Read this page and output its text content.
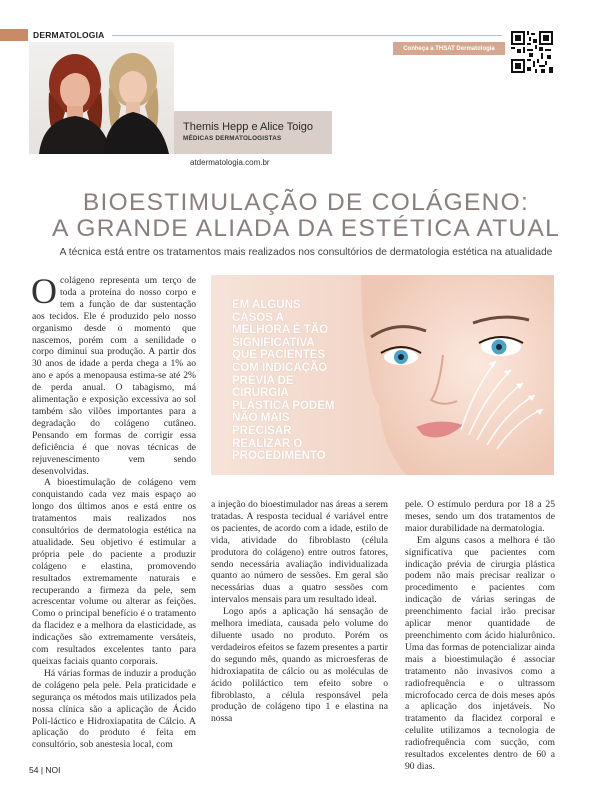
DERMATOLOGIA
Themis Hepp e Alice Toigo
MÉDICAS DERMATOLOGISTAS
atdermatologia.com.br
Conheça a THSAT Dermatologia
BIOESTIMULAÇÃO DE COLÁGENO:
A GRANDE ALIADA DA ESTÉTICA ATUAL
A técnica está entre os tratamentos mais realizados nos consultórios de dermatologia estética na atualidade

Ocolágeno representa um terço de toda a proteína do nosso corpo e tem a função de dar sustentação aos tecidos. Ele é produzido pelo nosso organismo desde o momento que nascemos, porém com a senilidade o corpo diminui sua produção. A partir dos 30 anos de idade a perda chega a 1% ao ano e após a menopausa estima-se até 2% de perda anual. O tabagismo, má alimentação e exposição excessiva ao sol também são vilões importantes para a degradação do colágeno cutâneo. Pensando em formas de corrigir essa deficiência é que novas técnicas de rejuvenescimento vem sendo desenvolvidas.

A bioestimulação de colágeno vem conquistando cada vez mais espaço ao longo dos últimos anos e está entre os tratamentos mais realizados nos consultórios de dermatologia estética na atualidade. Seu objetivo é estimular a própria pele do paciente a produzir colágeno e elastina, promovendo resultados extremamente naturais e recuperando a firmeza da pele, sem acrescentar volume ou alterar as feições. Como o principal benefício é o tratamento da flacidez e a melhora da elasticidade, as indicações são extremamente versáteis, com resultados excelentes tanto para queixas faciais quanto corporais.

Há várias formas de induzir a produção de colágeno pela pele. Pela praticidade e segurança os métodos mais utilizados pela nossa clínica são a aplicação de Ácido Poli-láctico e Hidroxiapatita de Cálcio. A aplicação do produto é feita em consultório, sob anestesia local, com

EM ALGUNS CASOS A MELHORA É TÃO SIGNIFICATIVA QUE PACIENTES COM INDICAÇÃO PRÉVIA DE CIRURGIA PLÁSTICA PODEM NÃO MAIS PRECISAR REALIZAR O PROCEDIMENTO

a injeção do bioestimulador nas áreas a serem tratadas. A resposta tecidual é variável entre os pacientes, de acordo com a idade, estilo de vida, atividade do fibroblasto (célula produtora do colágeno) entre outros fatores, sendo necessária avaliação individualizada quanto ao número de sessões. Em geral são necessárias duas a quatro sessões com intervalos mensais para um resultado ideal.

Logo após a aplicação há sensação de melhora imediata, causada pelo volume do diluente usado no produto. Porém os verdadeiros efeitos se fazem presentes a partir do segundo mês, quando as microesferas de hidroxiapatita de cálcio ou as moléculas de ácido poliláctico tem efeito sobre o fibroblasto, a célula responsável pela produção de colágeno tipo 1 e elastina na nossa

pele. O estímulo perdura por 18 a 25 meses, sendo um dos tratamentos de maior durabilidade na dermatologia.

Em alguns casos a melhora é tão significativa que pacientes com indicação prévia de cirurgia plástica podem não mais precisar realizar o procedimento e pacientes com indicação de várias seringas de preenchimento facial irão precisar aplicar menor quantidade de preenchimento com ácido hialurônico. Uma das formas de potencializar ainda mais a bioestimulação é associar tratamento não invasivos como a radiofrequência e o ultrassom microfocado cerca de dois meses após a aplicação dos injetáveis. No tratamento da flacidez corporal e celulite utilizamos a tecnologia de radiofrequência com sucção, com resultados excelentes dentro de 60 a 90 dias.

54 | NOI
